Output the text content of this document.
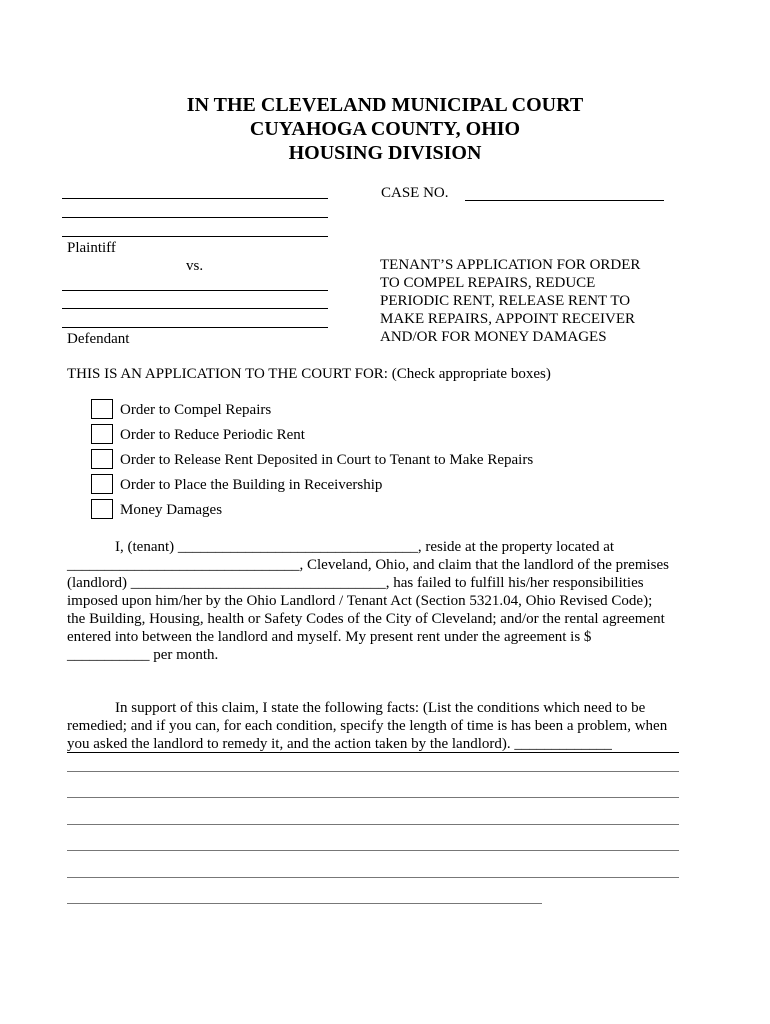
IN THE CLEVELAND MUNICIPAL COURT
CUYAHOGA COUNTY, OHIO
HOUSING DIVISION
Plaintiff
vs.
Defendant
CASE NO.
TENANT’S APPLICATION FOR ORDER
TO COMPEL REPAIRS, REDUCE
PERIODIC RENT, RELEASE RENT TO
MAKE REPAIRS, APPOINT RECEIVER
AND/OR FOR MONEY DAMAGES
THIS IS AN APPLICATION TO THE COURT FOR: (Check appropriate boxes)
Order to Compel Repairs
Order to Reduce Periodic Rent
Order to Release Rent Deposited in Court to Tenant to Make Repairs
Order to Place the Building in Receivership
Money Damages
I, (tenant) ________________________________, reside at the property located at
_______________________________, Cleveland, Ohio, and claim that the landlord of the premises
(landlord) __________________________________, has failed to fulfill his/her responsibilities
imposed upon him/her by the Ohio Landlord / Tenant Act (Section 5321.04, Ohio Revised Code);
the Building, Housing, health or Safety Codes of the City of Cleveland; and/or the rental agreement
entered into between the landlord and myself. My present rent under the agreement is $
___________ per month.
In support of this claim, I state the following facts: (List the conditions which need to be
remedied; and if you can, for each condition, specify the length of time is has been a problem, when
you asked the landlord to remedy it, and the action taken by the landlord). _____________
